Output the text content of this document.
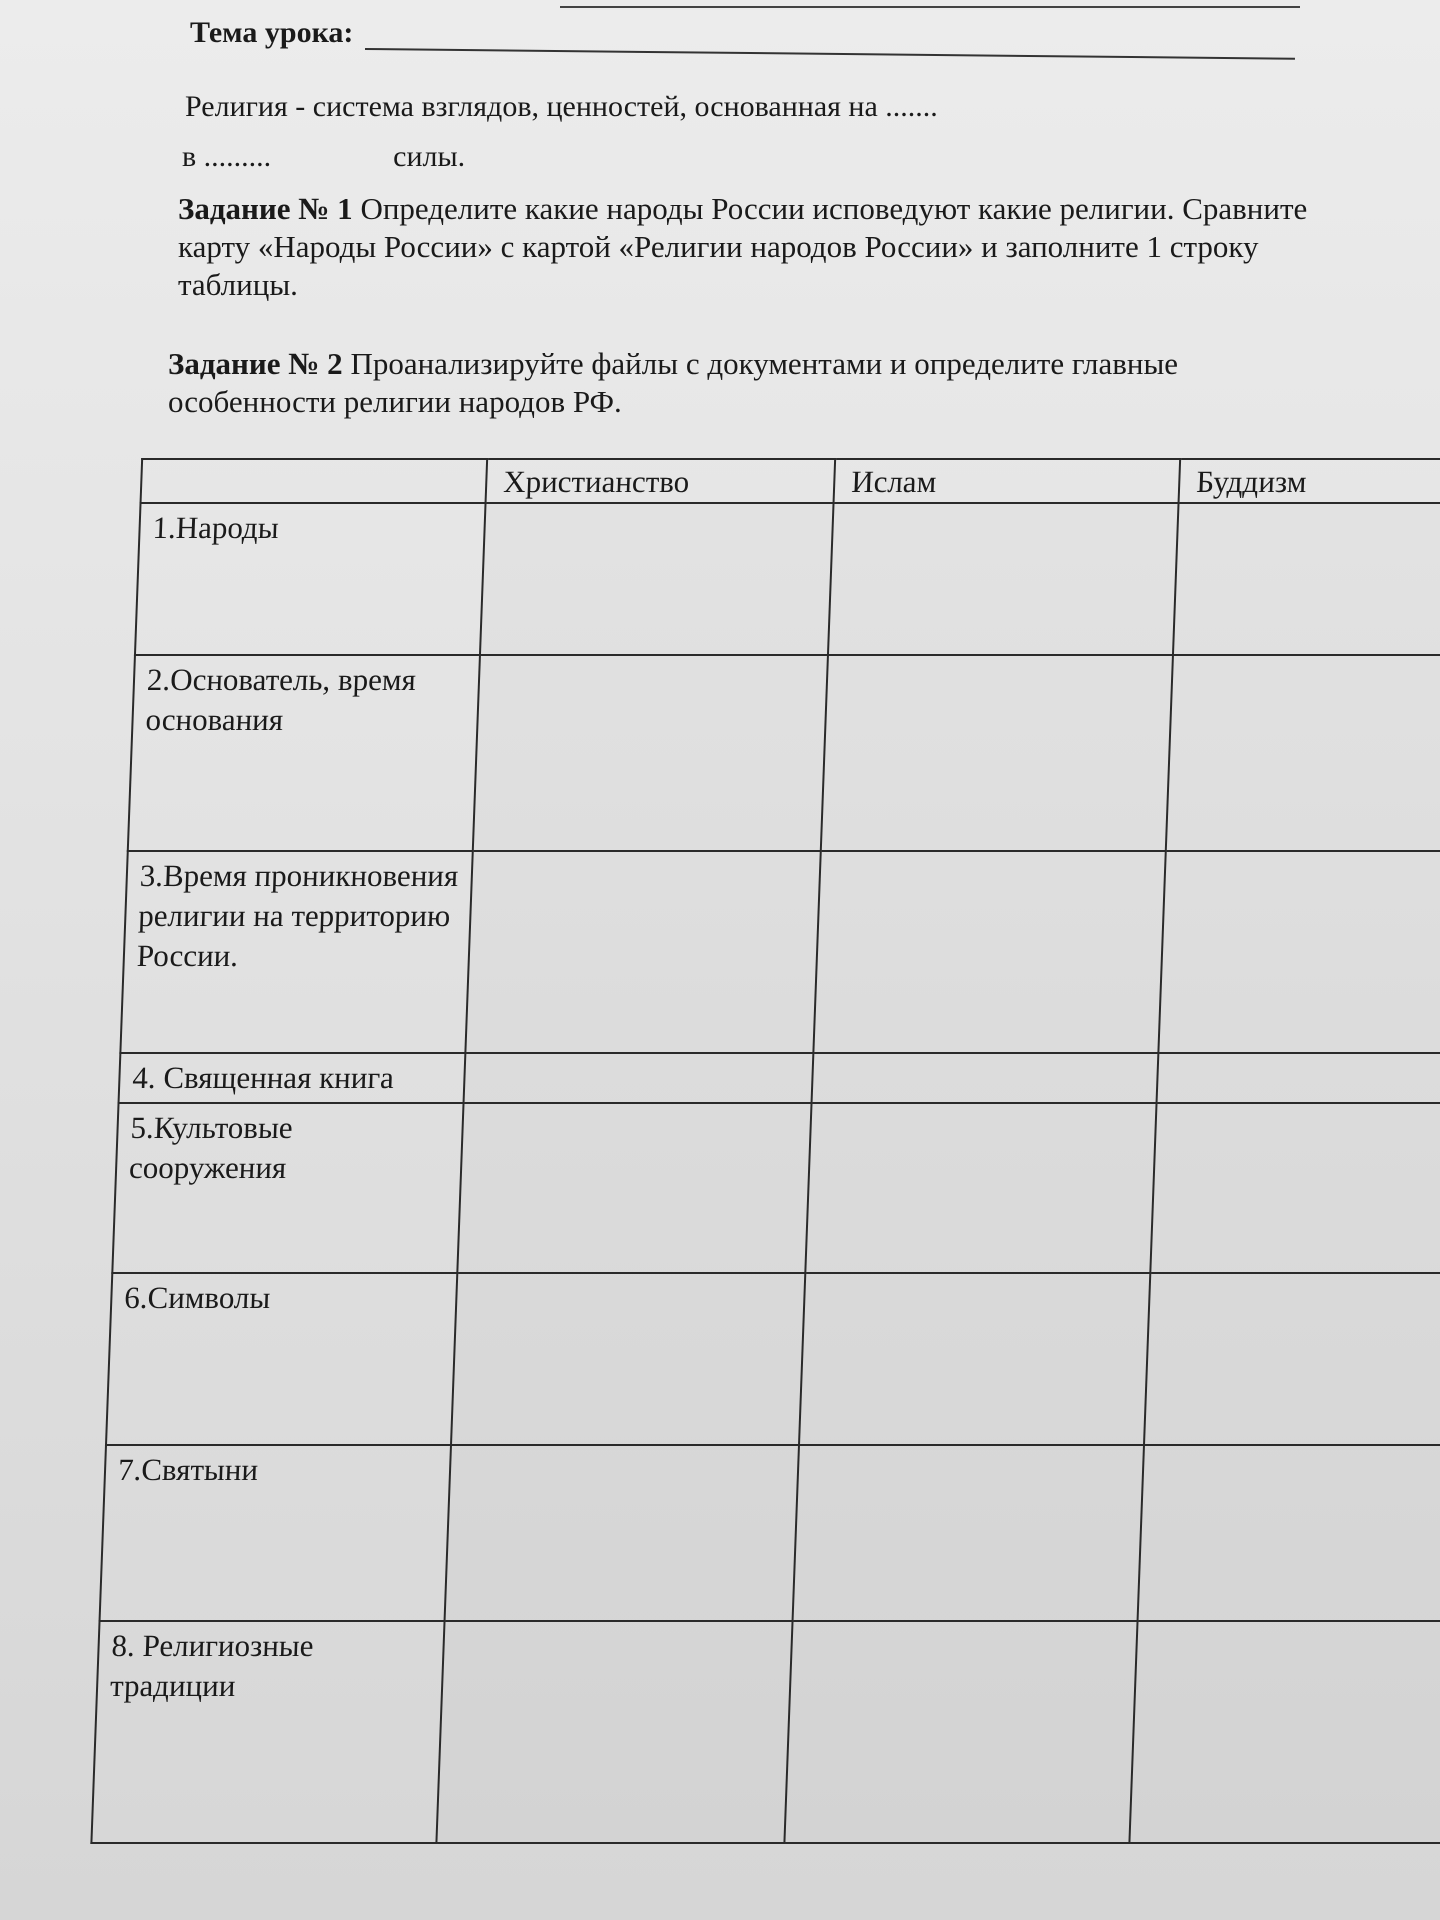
Тема урока:
Религия - система взглядов, ценностей, основанная на .......
в .........	силы.
Задание № 1 Определите какие народы России исповедуют какие религии. Сравните карту «Народы России» с картой «Религии народов России» и заполните 1 строку таблицы.
Задание № 2 Проанализируйте файлы с документами и определите главные особенности религии народов РФ.
	Христианство	Ислам	Буддизм
1.Народы			
2.Основатель, время основания			
3.Время проникновения религии на территорию России.			
4. Священная книга			
5.Культовые сооружения			
6.Символы			
7.Святыни			
8. Религиозные традиции			
